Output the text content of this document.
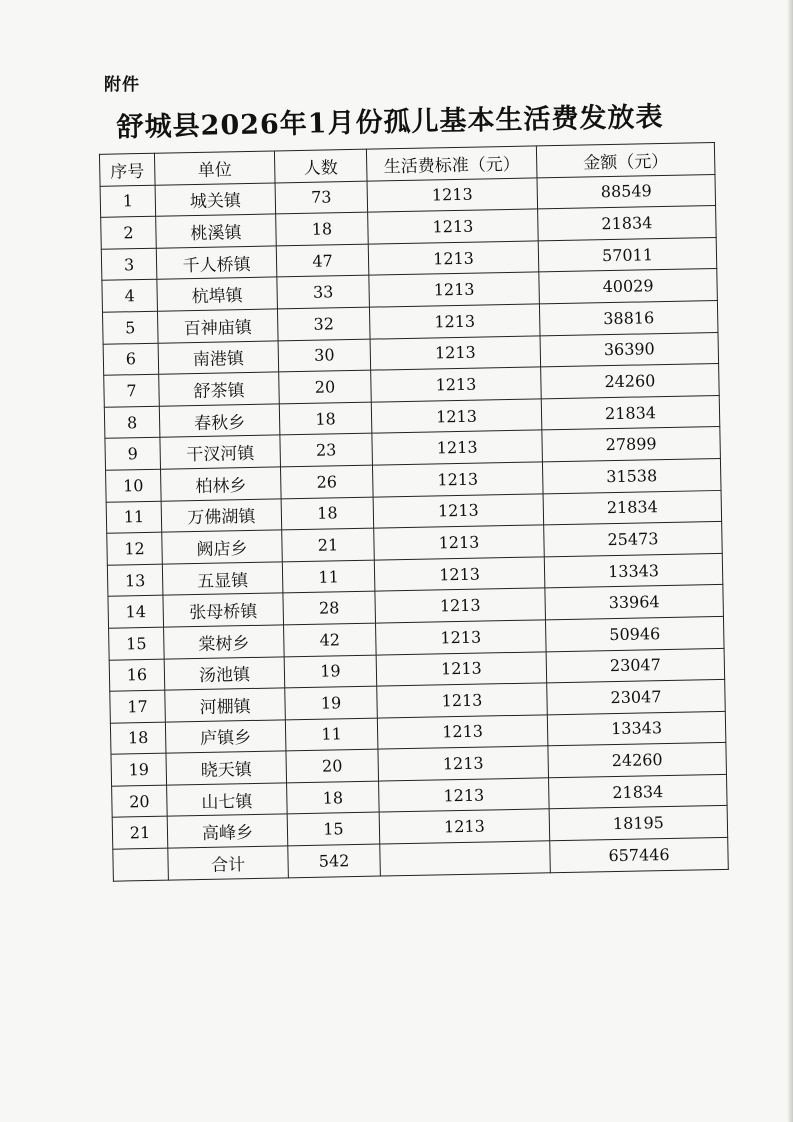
附件
舒城县2026年1月份孤儿基本生活费发放表
序号	单位	人数	生活费标准（元）	金额（元）
1	城关镇	73	1213	88549
2	桃溪镇	18	1213	21834
3	千人桥镇	47	1213	57011
4	杭埠镇	33	1213	40029
5	百神庙镇	32	1213	38816
6	南港镇	30	1213	36390
7	舒茶镇	20	1213	24260
8	春秋乡	18	1213	21834
9	干汊河镇	23	1213	27899
10	柏林乡	26	1213	31538
11	万佛湖镇	18	1213	21834
12	阙店乡	21	1213	25473
13	五显镇	11	1213	13343
14	张母桥镇	28	1213	33964
15	棠树乡	42	1213	50946
16	汤池镇	19	1213	23047
17	河棚镇	19	1213	23047
18	庐镇乡	11	1213	13343
19	晓天镇	20	1213	24260
20	山七镇	18	1213	21834
21	高峰乡	15	1213	18195
	合计	542		657446
